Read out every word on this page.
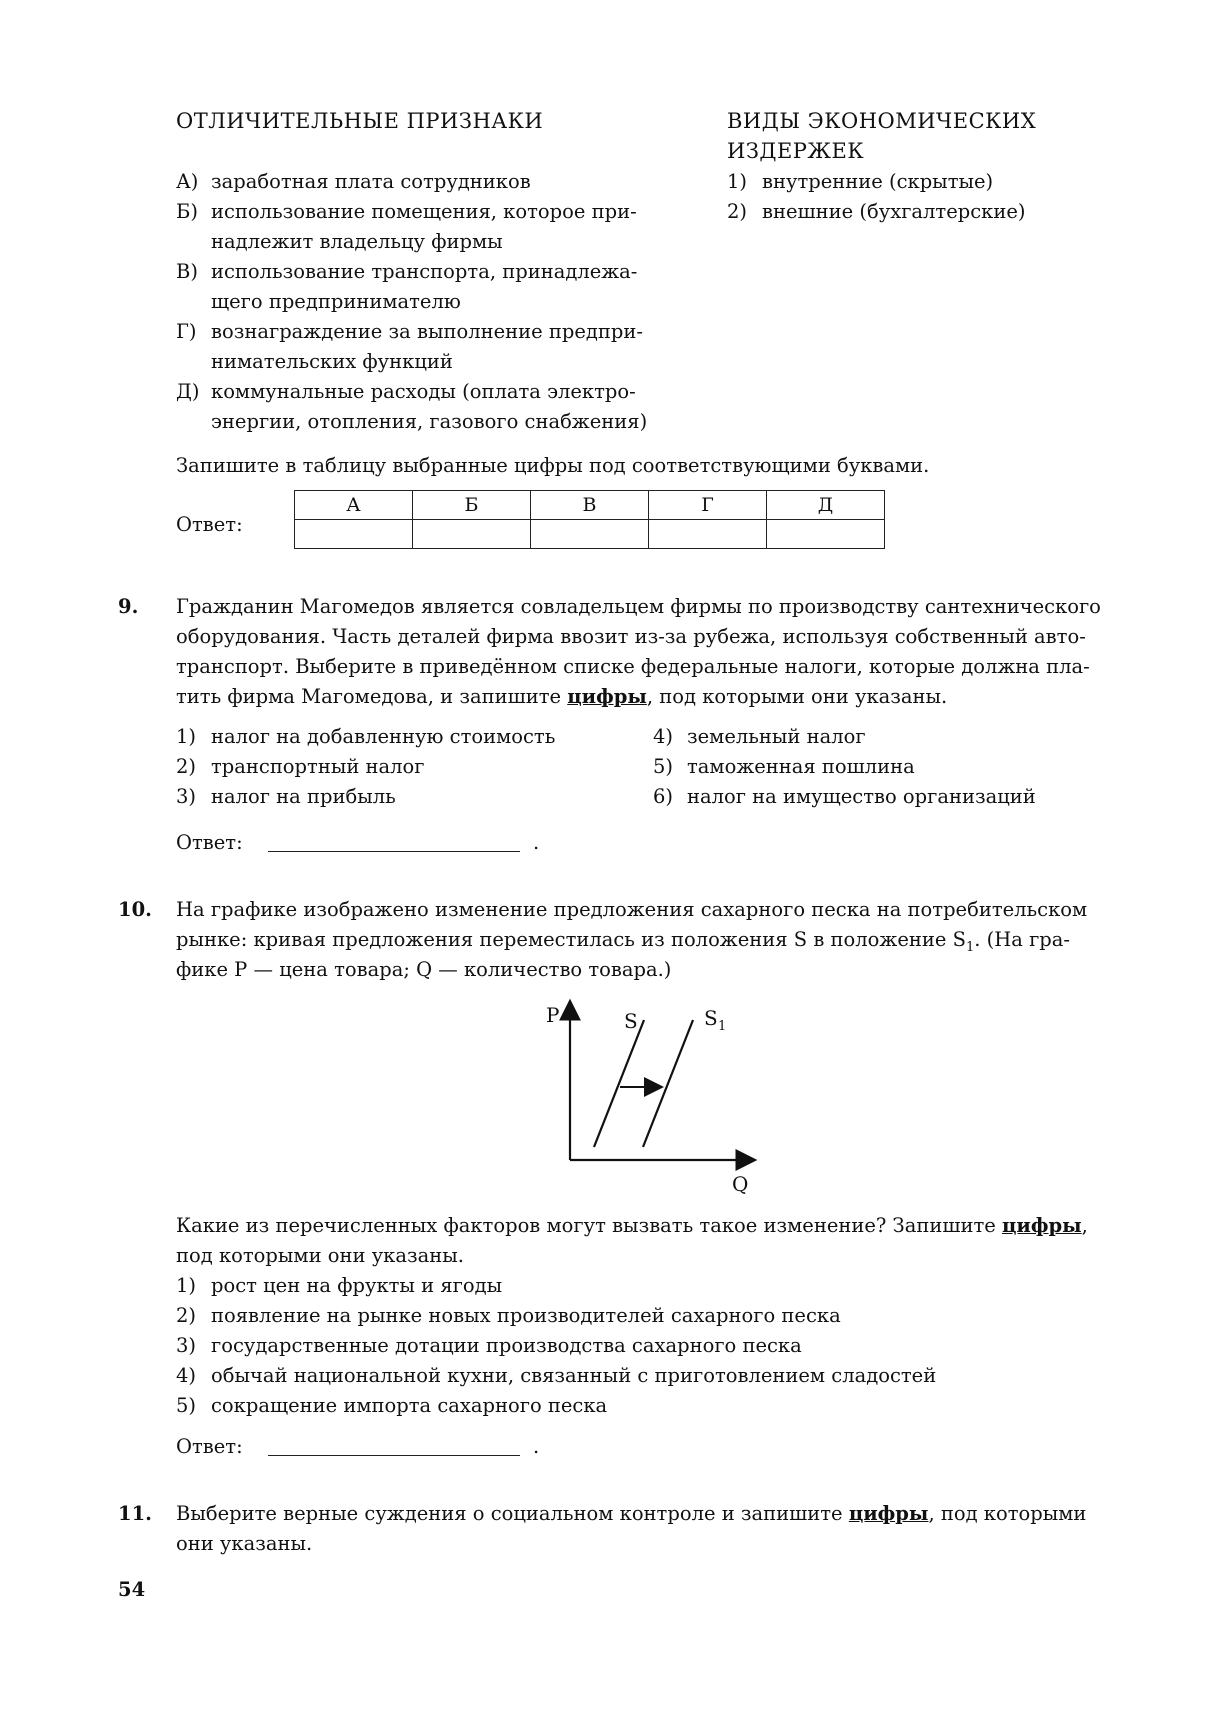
ОТЛИЧИТЕЛЬНЫЕ ПРИЗНАКИ	ВИДЫ ЭКОНОМИЧЕСКИХ
ИЗДЕРЖЕК
А) заработная плата сотрудников
Б) использование помещения, которое при-
надлежит владельцу фирмы
В) использование транспорта, принадлежа-
щего предпринимателю
Г) вознаграждение за выполнение предпри-
нимательских функций
Д) коммунальные расходы (оплата электро-
энергии, отопления, газового снабжения)
1) внутренние (скрытые)
2) внешние (бухгалтерские)
Запишите в таблицу выбранные цифры под соответствующими буквами.
Ответ:
А	Б	В	Г	Д

9. Гражданин Магомедов является совладельцем фирмы по производству сантехнического
оборудования. Часть деталей фирма ввозит из-за рубежа, используя собственный авто-
транспорт. Выберите в приведённом списке федеральные налоги, которые должна пла-
тить фирма Магомедова, и запишите цифры, под которыми они указаны.
1) налог на добавленную стоимость
2) транспортный налог
3) налог на прибыль
4) земельный налог
5) таможенная пошлина
6) налог на имущество организаций
Ответ:	.
10. На графике изображено изменение предложения сахарного песка на потребительском
рынке: кривая предложения переместилась из положения S в положение $S_1$. (На гра-
фике P — цена товара; Q — количество товара.)
P
Q
S	S 1
Какие из перечисленных факторов могут вызвать такое изменение? Запишите цифры,
под которыми они указаны.
1) рост цен на фрукты и ягоды
2) появление на рынке новых производителей сахарного песка
3) государственные дотации производства сахарного песка
4) обычай национальной кухни, связанный с приготовлением сладостей
5) сокращение импорта сахарного песка
Ответ:	.
11. Выберите верные суждения о социальном контроле и запишите цифры, под которыми
они указаны.
54
